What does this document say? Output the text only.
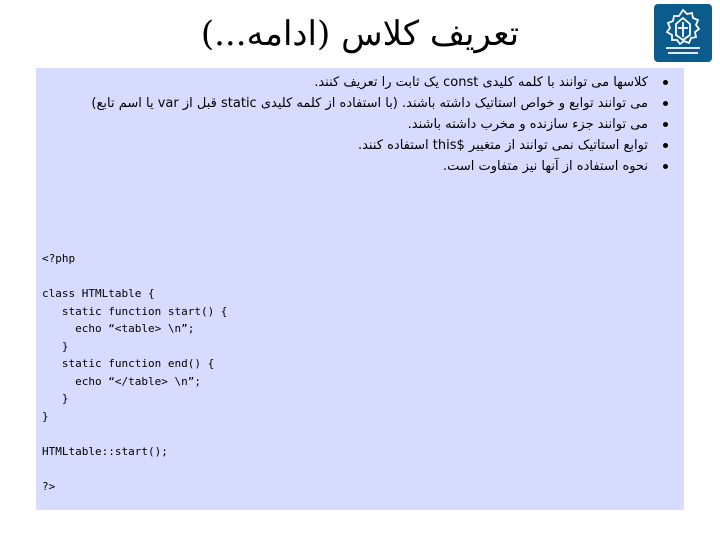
تعریف کلاس (ادامه...)
کلاسها می توانند با کلمه کلیدی const یک ثابت را تعریف کنند.
می توانند توابع و خواص استاتیک داشته باشند. (با استفاده از کلمه کلیدی static قبل از var یا اسم تابع)
می توانند جزء سازنده و مخرب داشته باشند.
توابع استاتیک نمی توانند از متغییر $this استفاده کنند.
نحوه استفاده از آنها نیز متفاوت است.
<?php

class HTMLtable {
static function start() {
echo “<table> \n”;
}
static function end() {
echo “</table> \n”;
}
}

HTMLtable::start();

?>
